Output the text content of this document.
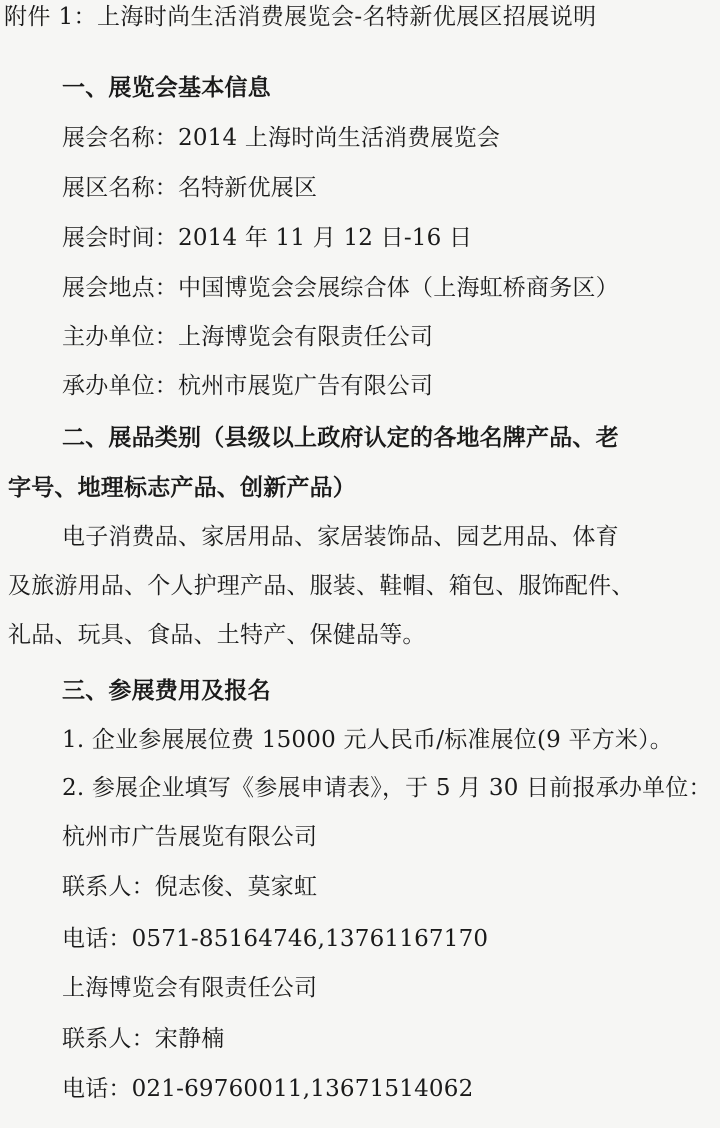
附件 1：上海时尚生活消费展览会-名特新优展区招展说明
一、展览会基本信息
展会名称：2014 上海时尚生活消费展览会
展区名称：名特新优展区
展会时间：2014 年 11 月 12 日-16 日
展会地点：中国博览会会展综合体（上海虹桥商务区）
主办单位：上海博览会有限责任公司
承办单位：杭州市展览广告有限公司
二、展品类别（县级以上政府认定的各地名牌产品、老
字号、地理标志产品、创新产品）
电子消费品、家居用品、家居装饰品、园艺用品、体育
及旅游用品、个人护理产品、服装、鞋帽、箱包、服饰配件、
礼品、玩具、食品、土特产、保健品等。
三、参展费用及报名
1. 企业参展展位费 15000 元人民币/标准展位(9 平方米）。
2. 参展企业填写《参展申请表》，于 5 月 30 日前报承办单位：
杭州市广告展览有限公司
联系人：倪志俊、莫家虹
电话：0571-85164746,13761167170
上海博览会有限责任公司
联系人：宋静楠
电话：021-69760011,13671514062
